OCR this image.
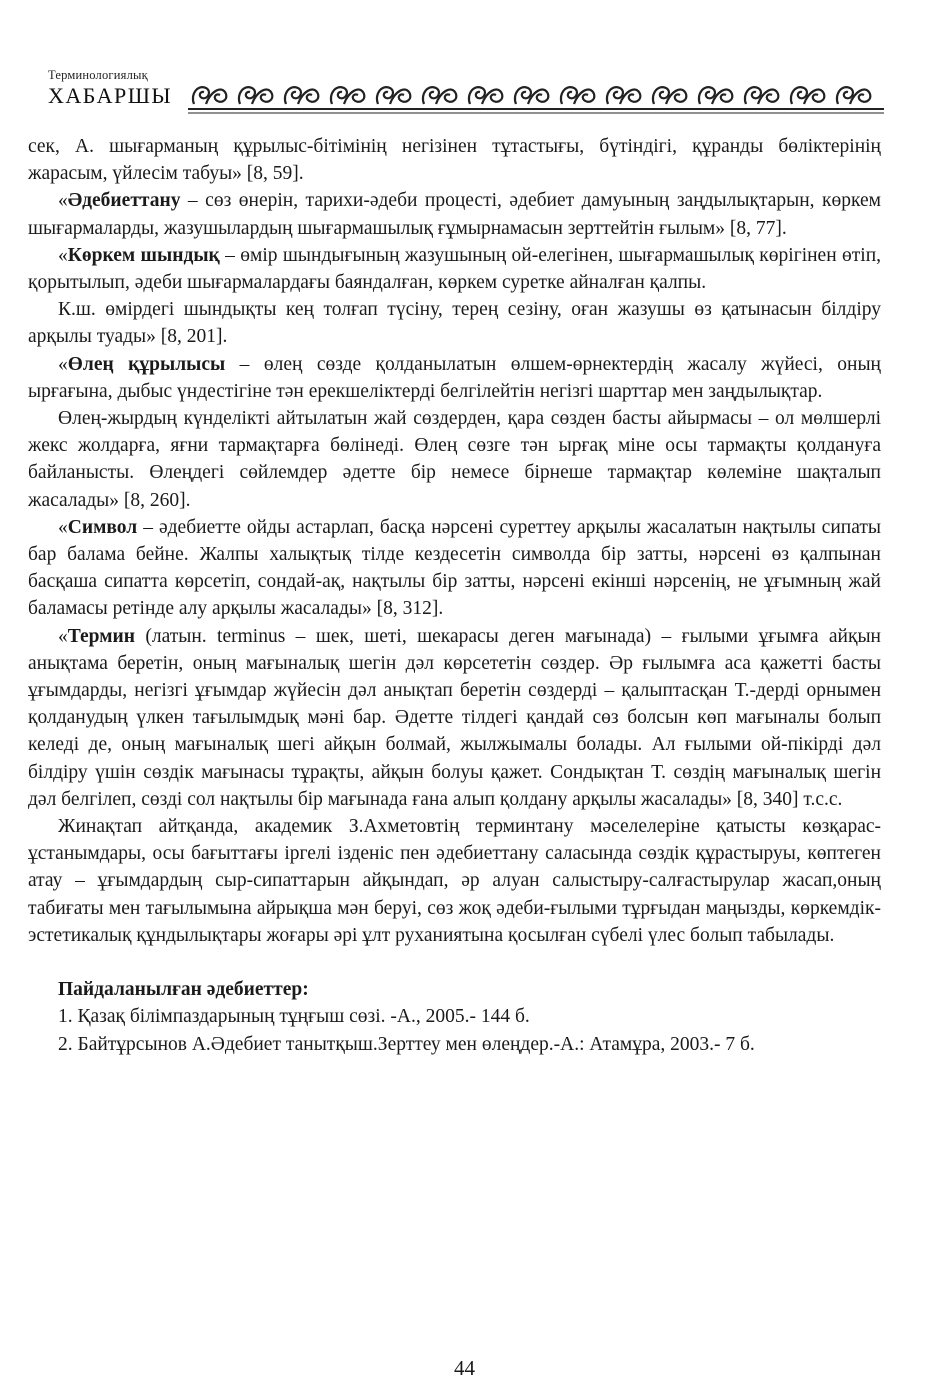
Терминологиялық
ХАБАРШЫ

сек, А. шығарманың құрылыс-бітімінің негізінен тұтастығы, бүтіндігі, құранды бөліктерінің жарасым, үйлесім табуы» [8, 59].

«Әдебиеттану – сөз өнерін, тарихи-әдеби процесті, әдебиет дамуының заңдылықтарын, көркем шығармаларды, жазушылардың шығармашылық ғұмырнамасын зерттейтін ғылым» [8, 77].

«Көркем шындық – өмір шындығының жазушының ой-елегінен, шығармашылық көрігінен өтіп, қорытылып, әдеби шығармалардағы баяндалған, көркем суретке айналған қалпы.

К.ш. өмірдегі шындықты кең толғап түсіну, терең сезіну, оған жазушы өз қатынасын білдіру арқылы туады» [8, 201].

«Өлең құрылысы – өлең сөзде қолданылатын өлшем-өрнектердің жасалу жүйесі, оның ырғағына, дыбыс үндестігіне тән ерекшеліктерді белгілейтін негізгі шарттар мен заңдылықтар.

Өлең-жырдың күнделікті айтылатын жай сөздерден, қара сөзден басты айырмасы – ол мөлшерлі жекс жолдарға, яғни тармақтарға бөлінеді. Өлең сөзге тән ырғақ міне осы тармақты қолдануға байланысты. Өлеңдегі сөйлемдер әдетте бір немесе бірнеше тармақтар көлеміне шақталып жасалады» [8, 260].

«Символ – әдебиетте ойды астарлап, басқа нәрсені суреттеу арқылы жасалатын нақтылы сипаты бар балама бейне. Жалпы халықтық тілде кездесетін символда бір затты, нәрсені өз қалпынан басқаша сипатта көрсетіп, сондай-ақ, нақтылы бір затты, нәрсені екінші нәрсенің, не ұғымның жай баламасы ретінде алу арқылы жасалады» [8, 312].

«Термин (латын. terminus – шек, шеті, шекарасы деген мағынада) – ғылыми ұғымға айқын анықтама беретін, оның мағыналық шегін дәл көрсететін сөздер. Әр ғылымға аса қажетті басты ұғымдарды, негізгі ұғымдар жүйесін дәл анықтап беретін сөздерді – қалыптасқан Т.-дерді орнымен қолданудың үлкен тағылымдық мәні бар. Әдетте тілдегі қандай сөз болсын көп мағыналы болып келеді де, оның мағыналық шегі айқын болмай, жылжымалы болады. Ал ғылыми ой-пікірді дәл білдіру үшін сөздік мағынасы тұрақты, айқын болуы қажет. Сондықтан Т. сөздің мағыналық шегін дәл белгілеп, сөзді сол нақтылы бір мағынада ғана алып қолдану арқылы жасалады» [8, 340] т.с.с.

Жинақтап айтқанда, академик З.Ахметовтің терминтану мәселелеріне қатысты көзқарас-ұстанымдары, осы бағыттағы іргелі ізденіс пен әдебиеттану саласында сөздік құрастыруы, көптеген атау – ұғымдардың сыр-сипаттарын айқындап, әр алуан салыстыру-салғастырулар жасап,оның табиғаты мен тағылымына айрықша мән беруі, сөз жоқ әдеби-ғылыми тұрғыдан маңызды, көркемдік-эстетикалық құндылықтары жоғары әрі ұлт руханиятына қосылған сүбелі үлес болып табылады.

Пайдаланылған әдебиеттер:

1. Қазақ білімпаздарының тұңғыш сөзі. -А., 2005.- 144 б.

2. Байтұрсынов А.Әдебиет танытқыш.Зерттеу мен өлеңдер.-А.: Атамұра, 2003.- 7 б.

44
